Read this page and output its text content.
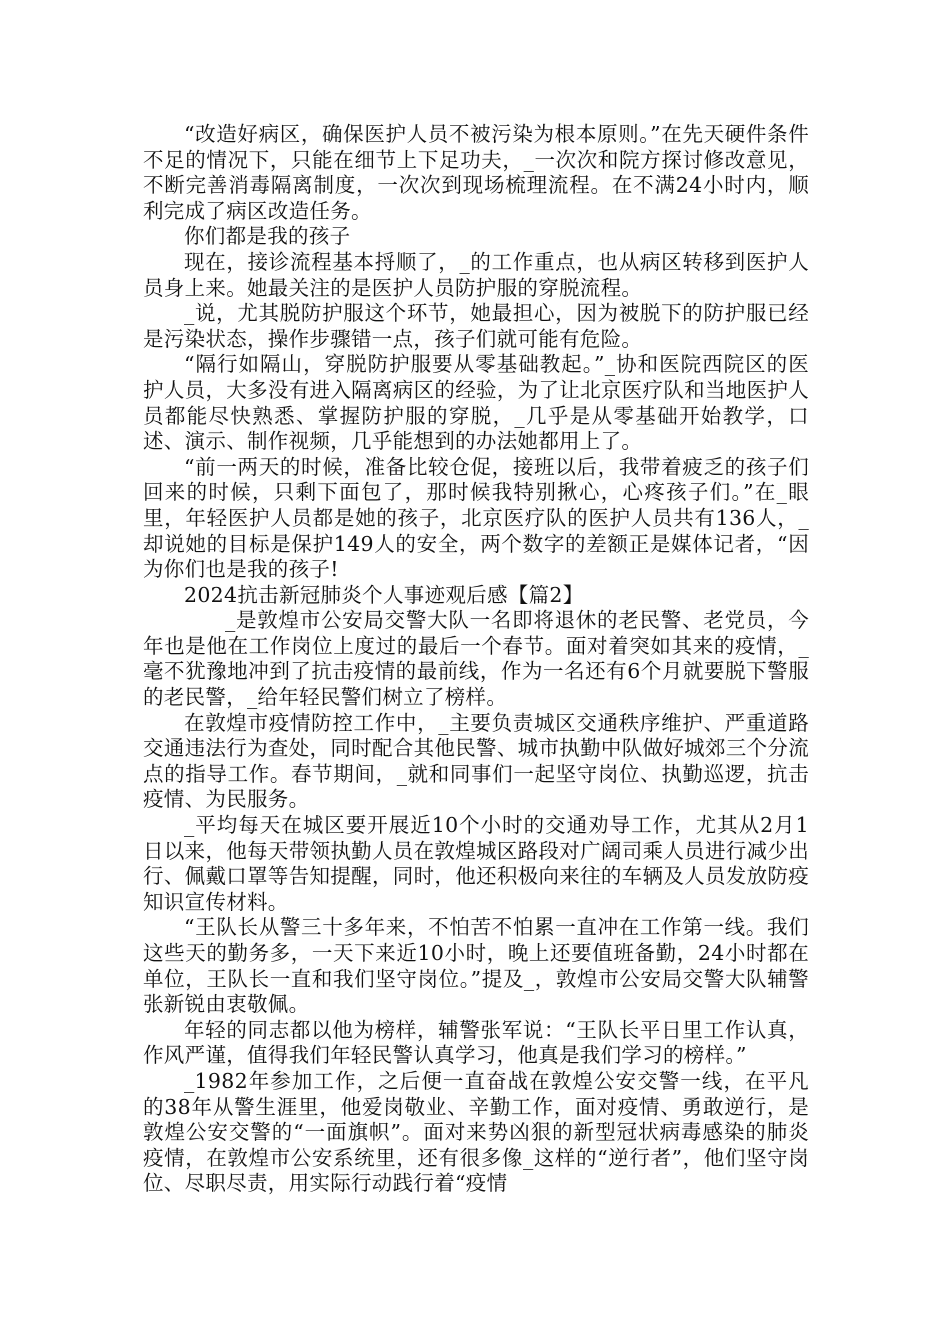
“改造好病区，确保医护人员不被污染为根本原则。”在先天硬件条件不足的情况下，只能在细节上下足功夫，_一次次和院方探讨修改意见，不断完善消毒隔离制度，一次次到现场梳理流程。在不满24小时内，顺利完成了病区改造任务。

你们都是我的孩子

现在，接诊流程基本捋顺了，_的工作重点，也从病区转移到医护人员身上来。她最关注的是医护人员防护服的穿脱流程。

_说，尤其脱防护服这个环节，她最担心，因为被脱下的防护服已经是污染状态，操作步骤错一点，孩子们就可能有危险。

“隔行如隔山，穿脱防护服要从零基础教起。”_协和医院西院区的医护人员，大多没有进入隔离病区的经验，为了让北京医疗队和当地医护人员都能尽快熟悉、掌握防护服的穿脱，_几乎是从零基础开始教学，口述、演示、制作视频，几乎能想到的办法她都用上了。

“前一两天的时候，准备比较仓促，接班以后，我带着疲乏的孩子们回来的时候，只剩下面包了，那时候我特别揪心，心疼孩子们。”在_眼里，年轻医护人员都是她的孩子，北京医疗队的医护人员共有136人，_却说她的目标是保护149人的安全，两个数字的差额正是媒体记者，“因为你们也是我的孩子!

2024抗击新冠肺炎个人事迹观后感【篇2】

_是敦煌市公安局交警大队一名即将退休的老民警、老党员，今年也是他在工作岗位上度过的最后一个春节。面对着突如其来的疫情，_毫不犹豫地冲到了抗击疫情的最前线，作为一名还有6个月就要脱下警服的老民警，_给年轻民警们树立了榜样。

在敦煌市疫情防控工作中，_主要负责城区交通秩序维护、严重道路交通违法行为查处，同时配合其他民警、城市执勤中队做好城郊三个分流点的指导工作。春节期间，_就和同事们一起坚守岗位、执勤巡逻，抗击疫情、为民服务。

_平均每天在城区要开展近10个小时的交通劝导工作，尤其从2月1日以来，他每天带领执勤人员在敦煌城区路段对广阔司乘人员进行减少出行、佩戴口罩等告知提醒，同时，他还积极向来往的车辆及人员发放防疫知识宣传材料。

“王队长从警三十多年来，不怕苦不怕累一直冲在工作第一线。我们这些天的勤务多，一天下来近10小时，晚上还要值班备勤，24小时都在单位，王队长一直和我们坚守岗位。”提及_，敦煌市公安局交警大队辅警张新锐由衷敬佩。

年轻的同志都以他为榜样，辅警张军说：“王队长平日里工作认真，作风严谨，值得我们年轻民警认真学习，他真是我们学习的榜样。”

_1982年参加工作，之后便一直奋战在敦煌公安交警一线，在平凡的38年从警生涯里，他爱岗敬业、辛勤工作，面对疫情、勇敢逆行，是敦煌公安交警的“一面旗帜”。面对来势凶狠的新型冠状病毒感染的肺炎疫情，在敦煌市公安系统里，还有很多像_这样的“逆行者”，他们坚守岗位、尽职尽责，用实际行动践行着“疫情
